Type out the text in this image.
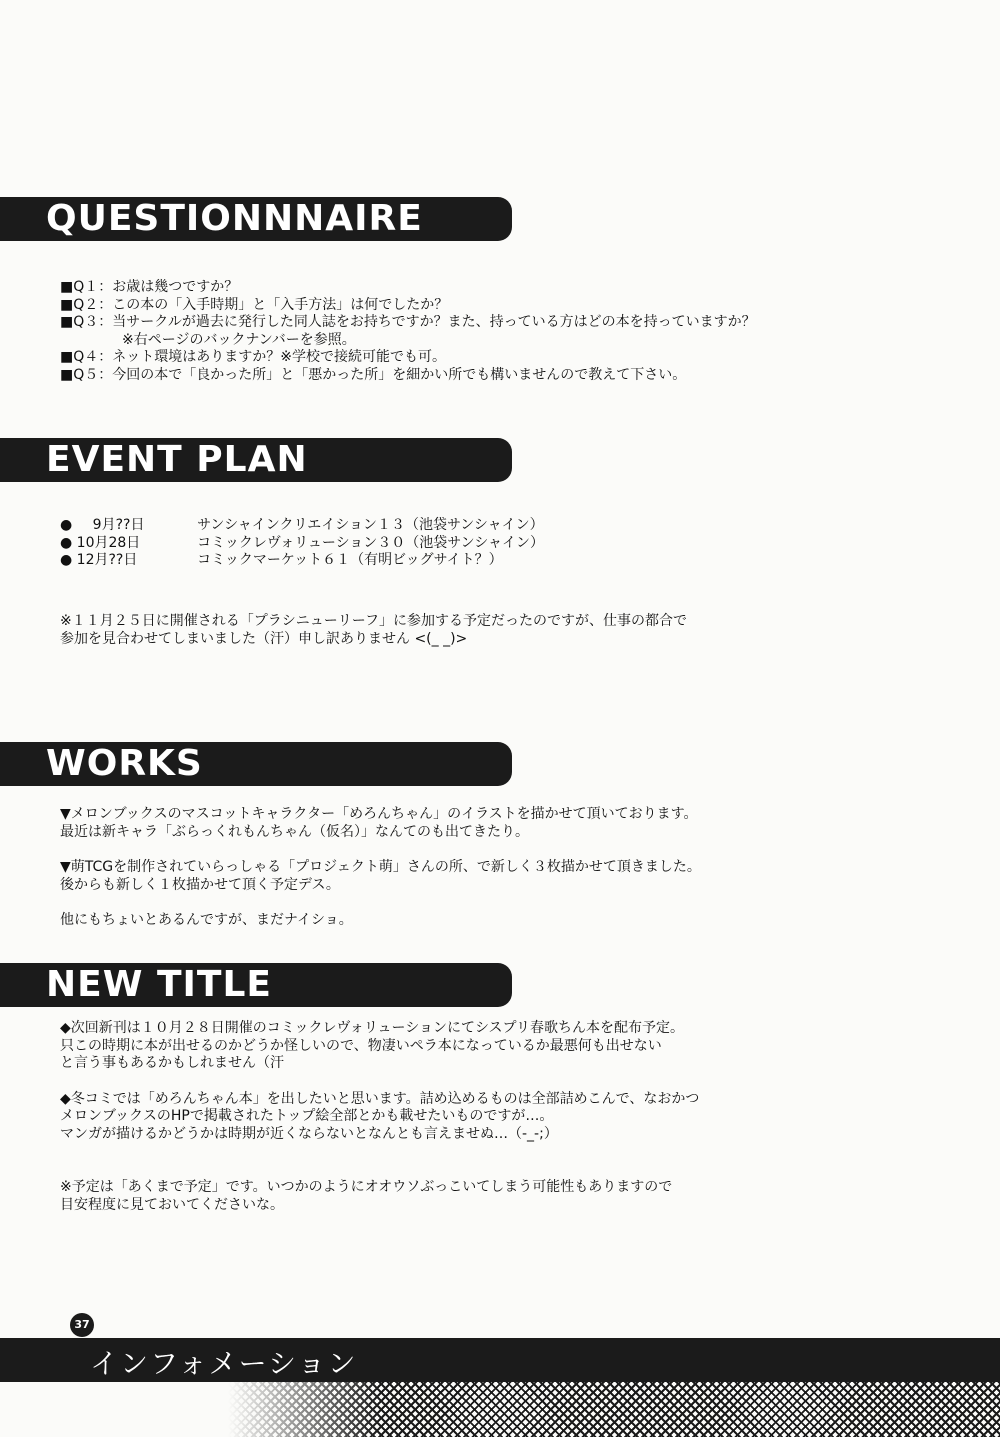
QUESTIONNNAIRE
■Q１：お歳は幾つですか？
■Q２：この本の「入手時期」と「入手方法」は何でしたか？
■Q３：当サークルが過去に発行した同人誌をお持ちですか？また、持っている方はどの本を持っていますか？
※右ページのバックナンバーを参照。
■Q４：ネット環境はありますか？※学校で接続可能でも可。
■Q５：今回の本で「良かった所」と「悪かった所」を細かい所でも構いませんので教えて下さい。
EVENT PLAN
● 9月??日	サンシャインクリエイション１３（池袋サンシャイン）
● 10月28日	コミックレヴォリューション３０（池袋サンシャイン）
● 12月??日	コミックマーケット６１（有明ビッグサイト？）
※１１月２５日に開催される「プラシニューリーフ」に参加する予定だったのですが、仕事の都合で
参加を見合わせてしまいました（汗）申し訳ありません <(_ _)>
WORKS
▼メロンブックスのマスコットキャラクター「めろんちゃん」のイラストを描かせて頂いております。
最近は新キャラ「ぶらっくれもんちゃん（仮名）」なんてのも出てきたり。
▼萌TCGを制作されていらっしゃる「プロジェクト萌」さんの所、で新しく３枚描かせて頂きました。
後からも新しく１枚描かせて頂く予定デス。
他にもちょいとあるんですが、まだナイショ。
NEW TITLE
◆次回新刊は１０月２８日開催のコミックレヴォリューションにてシスプリ春歌ちん本を配布予定。
只この時期に本が出せるのかどうか怪しいので、物凄いペラ本になっているか最悪何も出せない
と言う事もあるかもしれません（汗
◆冬コミでは「めろんちゃん本」を出したいと思います。詰め込めるものは全部詰めこんで、なおかつ
メロンブックスのHPで掲載されたトップ絵全部とかも載せたいものですが…。
マンガが描けるかどうかは時期が近くならないとなんとも言えませぬ…（-_-;）
※予定は「あくまで予定」です。いつかのようにオオウソぶっこいてしまう可能性もありますので
目安程度に見ておいてくださいな。
37
インフォメーション
